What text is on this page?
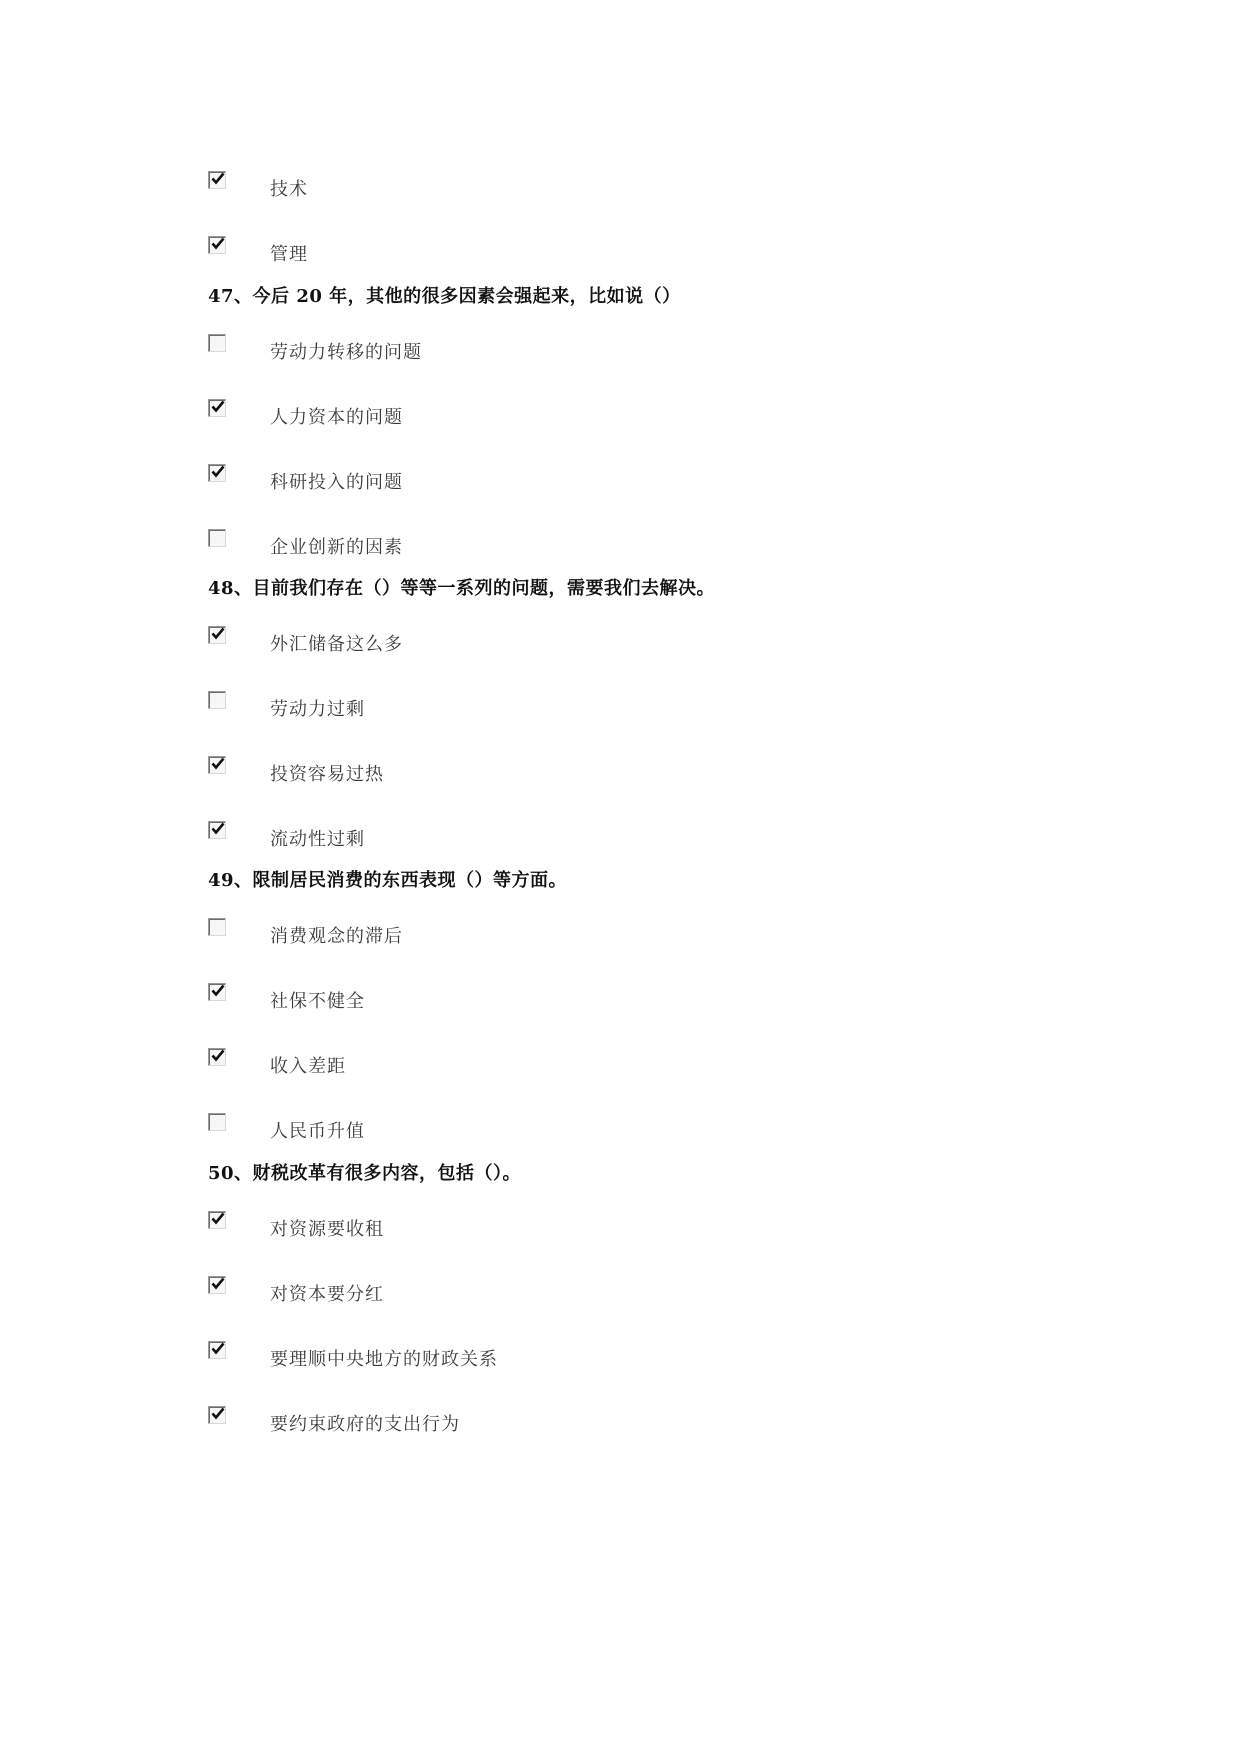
技术
管理
47、今后 20 年，其他的很多因素会强起来，比如说（）
劳动力转移的问题
人力资本的问题
科研投入的问题
企业创新的因素
48、目前我们存在（）等等一系列的问题，需要我们去解决。
外汇储备这么多
劳动力过剩
投资容易过热
流动性过剩
49、限制居民消费的东西表现（）等方面。
消费观念的滞后
社保不健全
收入差距
人民币升值
50、财税改革有很多内容，包括（）。
对资源要收租
对资本要分红
要理顺中央地方的财政关系
要约束政府的支出行为
